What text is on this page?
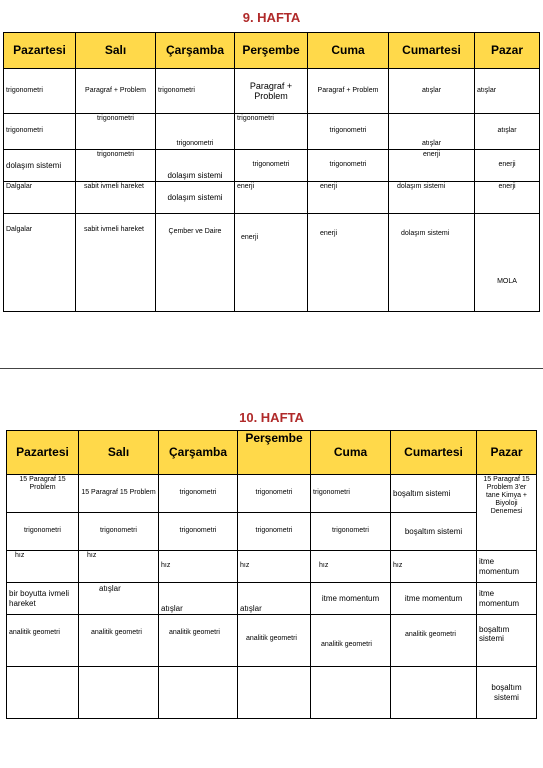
9. HAFTA
Pazartesi	Salı	Çarşamba	Perşembe	Cuma	Cumartesi	Pazar
trigonometri	Paragraf + Problem	trigonometri	Paragraf + Problem	Paragraf + Problem	atışlar	atışlar
trigonometri	trigonometri	trigonometri	trigonometri	trigonometri	atışlar	atışlar
dolaşım sistemi	trigonometri	dolaşım sistemi	trigonometri	trigonometri	enerji	enerji
Dalgalar	sabit ivmeli hareket	dolaşım sistemi	enerji	enerji	dolaşım sistemi	enerji
Dalgalar	sabit ivmeli hareket	Çember ve Daire	enerji	enerji	dolaşım sistemi	MOLA
10. HAFTA
Pazartesi	Salı	Çarşamba	Perşembe	Cuma	Cumartesi	Pazar
15 Paragraf 15 Problem	15 Paragraf 15 Problem	trigonometri	trigonometri	trigonometri	boşaltım sistemi	15 Paragraf 15 Problem 3'er tane Kimya + Biyoloji Denemesi
trigonometri	trigonometri	trigonometri	trigonometri	trigonometri	boşaltım sistemi	
hız	hız	hız	hız	hız	hız	itme momentum
bir boyutta ivmeli hareket	atışlar	atışlar	atışlar	itme momentum	itme momentum	itme momentum
analitik geometri	analitik geometri	analitik geometri	analitik geometri	analitik geometri	analitik geometri	boşaltım sistemi
						boşaltım sistemi
